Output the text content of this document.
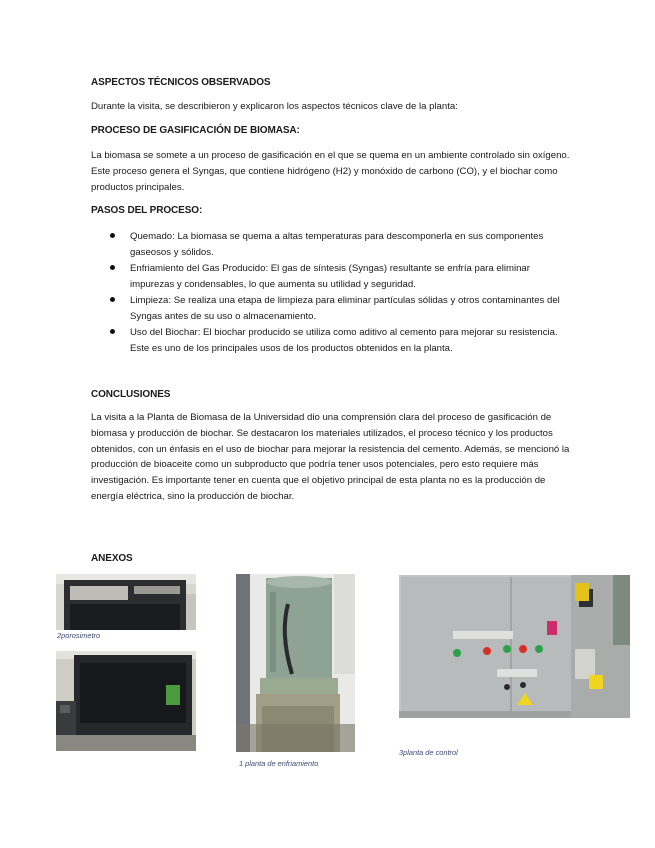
ASPECTOS TÉCNICOS OBSERVADOS
Durante la visita, se describieron y explicaron los aspectos técnicos clave de la planta:
PROCESO DE GASIFICACIÓN DE BIOMASA:
La biomasa se somete a un proceso de gasificación en el que se quema en un ambiente controlado sin oxígeno. Este proceso genera el Syngas, que contiene hidrógeno (H2) y monóxido de carbono (CO), y el biochar como productos principales.
PASOS DEL PROCESO:
Quemado: La biomasa se quema a altas temperaturas para descomponerla en sus componentes gaseosos y sólidos.
Enfriamiento del Gas Producido: El gas de síntesis (Syngas) resultante se enfría para eliminar impurezas y condensables, lo que aumenta su utilidad y seguridad.
Limpieza: Se realiza una etapa de limpieza para eliminar partículas sólidas y otros contaminantes del Syngas antes de su uso o almacenamiento.
Uso del Biochar: El biochar producido se utiliza como aditivo al cemento para mejorar su resistencia. Este es uno de los principales usos de los productos obtenidos en la planta.
CONCLUSIONES
La visita a la Planta de Biomasa de la Universidad dio una comprensión clara del proceso de gasificación de biomasa y producción de biochar. Se destacaron los materiales utilizados, el proceso técnico y los productos obtenidos, con un énfasis en el uso de biochar para mejorar la resistencia del cemento. Además, se mencionó la producción de bioaceite como un subproducto que podría tener usos potenciales, pero esto requiere más investigación. Es importante tener en cuenta que el objetivo principal de esta planta no es la producción de energía eléctrica, sino la producción de biochar.
ANEXOS
2porosimetro
1 planta de enfriamiento
3planta de control
